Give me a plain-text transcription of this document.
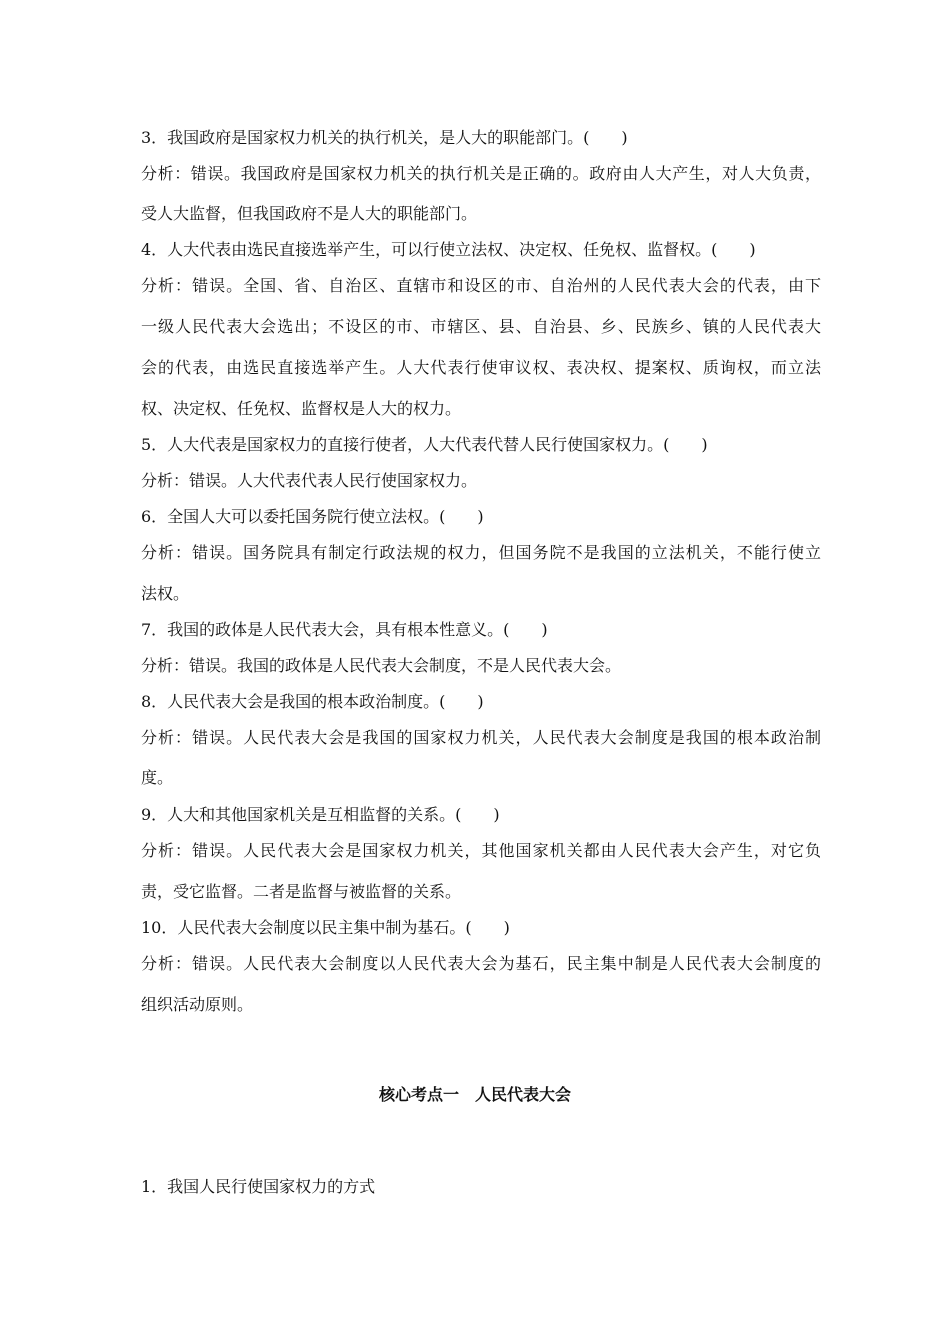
3．我国政府是国家权力机关的执行机关，是人大的职能部门。(　　)
分析：错误。我国政府是国家权力机关的执行机关是正确的。政府由人大产生，对人大负责，
受人大监督，但我国政府不是人大的职能部门。
4．人大代表由选民直接选举产生，可以行使立法权、决定权、任免权、监督权。(　　)
分析：错误。全国、省、自治区、直辖市和设区的市、自治州的人民代表大会的代表，由下
一级人民代表大会选出；不设区的市、市辖区、县、自治县、乡、民族乡、镇的人民代表大
会的代表，由选民直接选举产生。人大代表行使审议权、表决权、提案权、质询权，而立法
权、决定权、任免权、监督权是人大的权力。
5．人大代表是国家权力的直接行使者，人大代表代替人民行使国家权力。(　　)
分析：错误。人大代表代表人民行使国家权力。
6．全国人大可以委托国务院行使立法权。(　　)
分析：错误。国务院具有制定行政法规的权力，但国务院不是我国的立法机关，不能行使立
法权。
7．我国的政体是人民代表大会，具有根本性意义。(　　)
分析：错误。我国的政体是人民代表大会制度，不是人民代表大会。
8．人民代表大会是我国的根本政治制度。(　　)
分析：错误。人民代表大会是我国的国家权力机关，人民代表大会制度是我国的根本政治制
度。
9．人大和其他国家机关是互相监督的关系。(　　)
分析：错误。人民代表大会是国家权力机关，其他国家机关都由人民代表大会产生，对它负
责，受它监督。二者是监督与被监督的关系。
10．人民代表大会制度以民主集中制为基石。(　　)
分析：错误。人民代表大会制度以人民代表大会为基石，民主集中制是人民代表大会制度的
组织活动原则。
核心考点一　人民代表大会
1．我国人民行使国家权力的方式
